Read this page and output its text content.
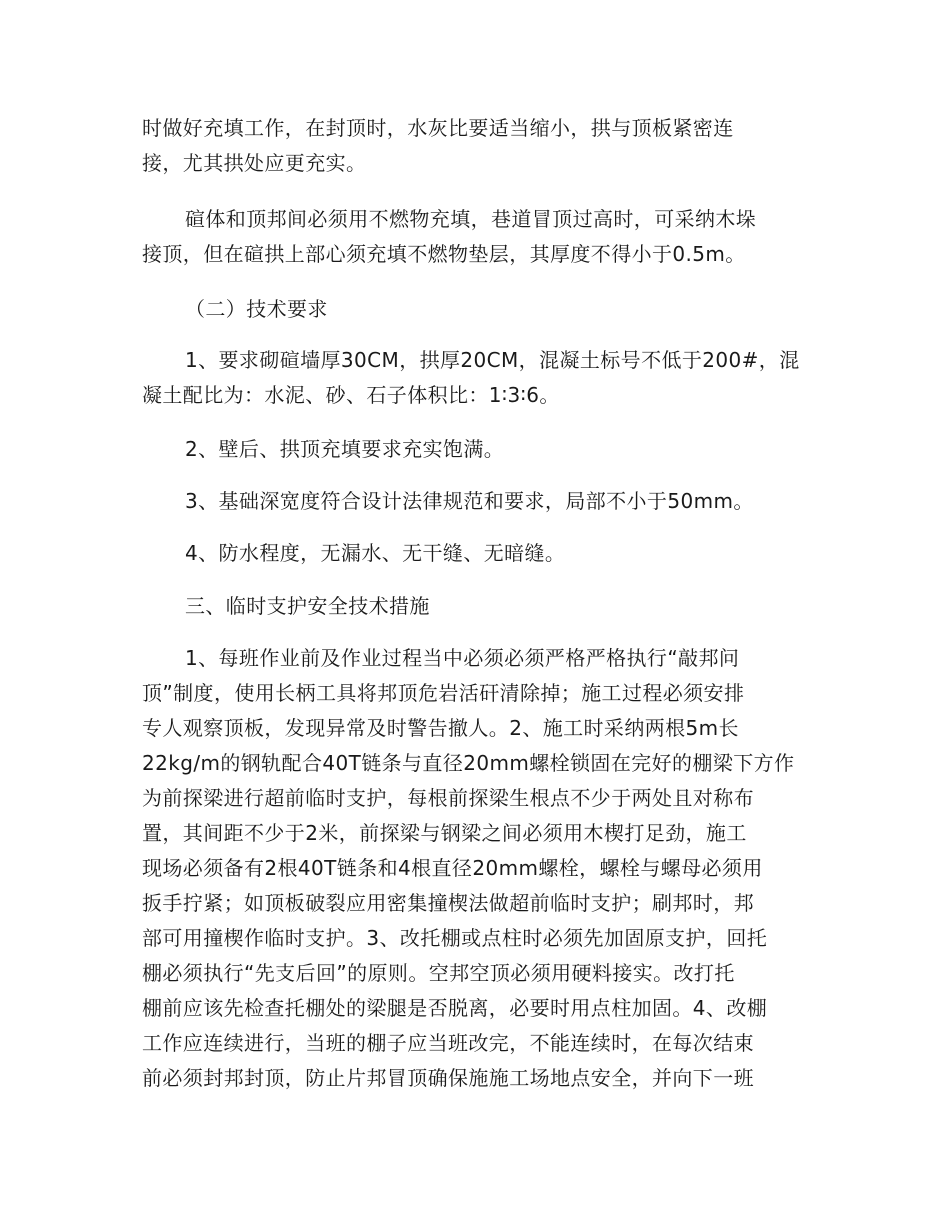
时做好充填工作，在封顶时，水灰比要适当缩小，拱与顶板紧密连
接，尤其拱处应更充实。
碹体和顶邦间必须用不燃物充填，巷道冒顶过高时，可采纳木垛
接顶，但在碹拱上部心须充填不燃物垫层，其厚度不得小于0.5m。
（二）技术要求
1、要求砌碹墙厚30CM，拱厚20CM，混凝土标号不低于200#，混
凝土配比为：水泥、砂、石子体积比：1∶3∶6。
2、壁后、拱顶充填要求充实饱满。
3、基础深宽度符合设计法律规范和要求，局部不小于50mm。
4、防水程度，无漏水、无干缝、无暗缝。
三、临时支护安全技术措施
1、每班作业前及作业过程当中必须必须严格严格执行“敲邦问
顶”制度，使用长柄工具将邦顶危岩活矸清除掉；施工过程必须安排
专人观察顶板，发现异常及时警告撤人。2、施工时采纳两根5m长
22kg/m的钢轨配合40T链条与直径20mm螺栓锁固在完好的棚梁下方作
为前探梁进行超前临时支护，每根前探梁生根点不少于两处且对称布
置，其间距不少于2米，前探梁与钢梁之间必须用木楔打足劲，施工
现场必须备有2根40T链条和4根直径20mm螺栓，螺栓与螺母必须用
扳手拧紧；如顶板破裂应用密集撞楔法做超前临时支护；刷邦时，邦
部可用撞楔作临时支护。3、改托棚或点柱时必须先加固原支护，回托
棚必须执行“先支后回”的原则。空邦空顶必须用硬料接实。改打托
棚前应该先检查托棚处的梁腿是否脱离，必要时用点柱加固。4、改棚
工作应连续进行，当班的棚子应当班改完，不能连续时，在每次结束
前必须封邦封顶，防止片邦冒顶确保施施工场地点安全，并向下一班
